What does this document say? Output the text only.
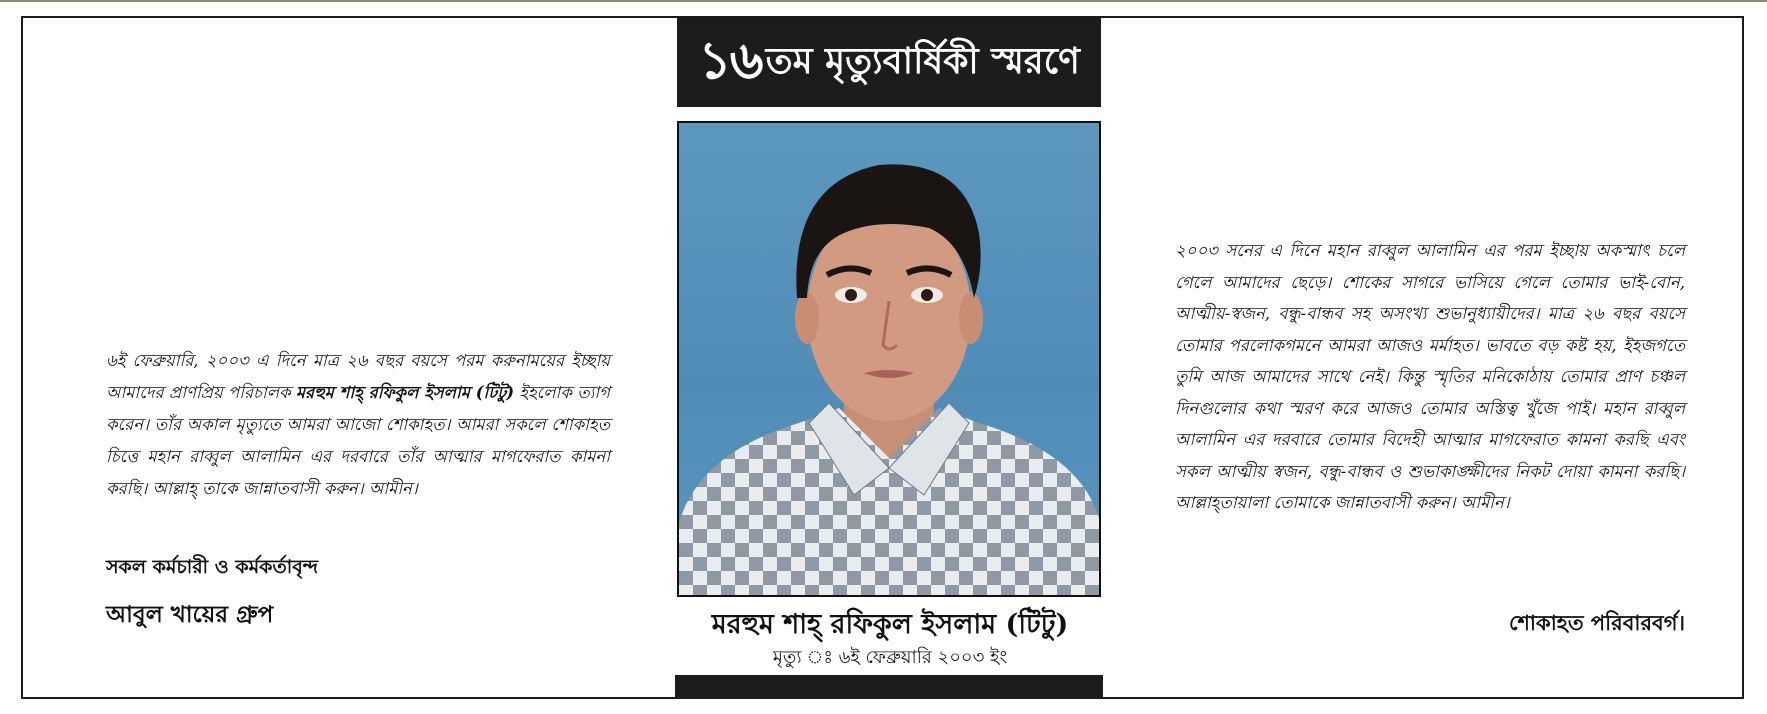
১৬ তম মৃত্যুবার্ষিকী স্মরণে
মরহুম শাহ্ রফিকুল ইসলাম (টিটু)
মৃত্যু ঃ ৬ই ফেব্রুয়ারি ২০০৩ ইং
৬ই ফেব্রুয়ারি, ২০০৩ এ দিনে মাত্র ২৬ বছর বয়সে পরম করুনাময়ের ইচ্ছায় আমাদের প্রাণপ্রিয় পরিচালক মরহুম শাহ্ রফিকুল ইসলাম (টিটু) ইহলোক ত্যাগ করেন। তাঁর অকাল মৃত্যুতে আমরা আজো শোকাহত। আমরা সকলে শোকাহত চিত্তে মহান রাব্বুল আলামিন এর দরবারে তাঁর আত্মার মাগফেরাত কামনা করছি। আল্লাহ্ তাকে জান্নাতবাসী করুন। আমীন।
সকল কর্মচারী ও কর্মকর্তাবৃন্দ
আবুল খায়ের গ্রুপ
২০০৩ সনের এ দিনে মহান রাব্বুল আলামিন এর পরম ইচ্ছায় অকস্মাৎ চলে গেলে আমাদের ছেড়ে। শোকের সাগরে ভাসিয়ে গেলে তোমার ভাই-বোন, আত্মীয়-স্বজন, বন্ধু-বান্ধব সহ অসংখ্য শুভানুধ্যায়ীদের। মাত্র ২৬ বছর বয়সে তোমার পরলোকগমনে আমরা আজও মর্মাহত। ভাবতে বড় কষ্ট হয়, ইহজগতে তুমি আজ আমাদের সাথে নেই। কিন্তু স্মৃতির মনিকোঠায় তোমার প্রাণ চঞ্চল দিনগুলোর কথা স্মরণ করে আজও তোমার অস্তিত্ব খুঁজে পাই। মহান রাব্বুল আলামিন এর দরবারে তোমার বিদেহী আত্মার মাগফেরাত কামনা করছি এবং সকল আত্মীয় স্বজন, বন্ধু-বান্ধব ও শুভাকাঙ্ক্ষীদের নিকট দোয়া কামনা করছি। আল্লাহ্তায়ালা তোমাকে জান্নাতবাসী করুন। আমীন।
শোকাহত পরিবারবর্গ।
